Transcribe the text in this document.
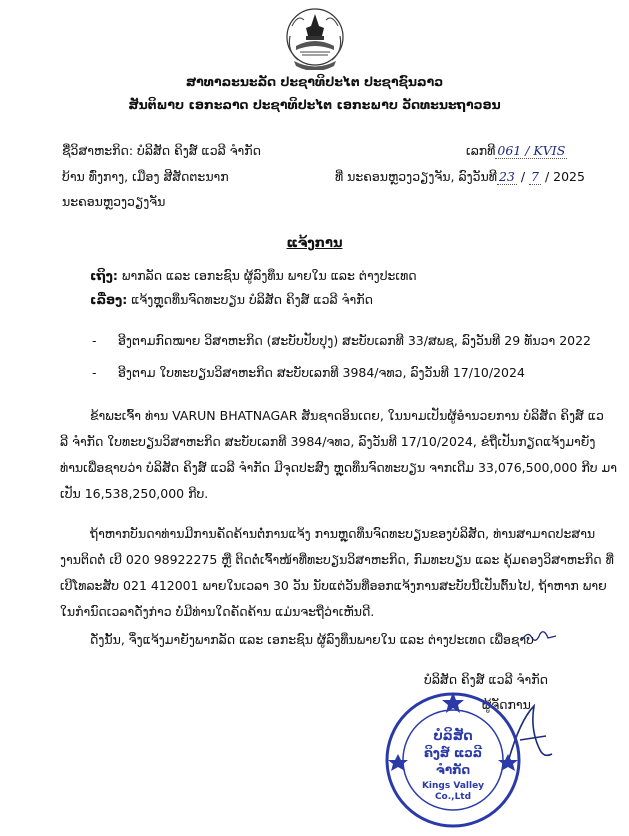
ສາທາລະນະລັດ ປະຊາທິປະໄຕ ປະຊາຊົນລາວ
ສັນຕິພາບ ເອກະລາດ ປະຊາທິປະໄຕ ເອກະພາບ ວັດທະນະຖາວອນ
ຊື່ວິສາຫະກິດ: ບໍລິສັດ ຄິງສ໌ ແວລີ ຈຳກັດ
ບ້ານ ທົ່ງກາງ, ເມືອງ ສີສັດຕະນາກ
ນະຄອນຫຼວງວຽງຈັນ
ເລກທີ 061 / KVIS
ທີ່ ນະຄອນຫຼວງວຽງຈັນ, ລົງວັນທີ 23 / 7 / 2025
ແຈ້ງການ
ເຖິງ: ພາກລັດ ແລະ ເອກະຊົນ ຜູ້ລົງທຶນ ພາຍໃນ ແລະ ຕ່າງປະເທດ
ເລື່ອງ: ແຈ້ງຫຼຸດທຶນຈົດທະບຽນ ບໍລິສັດ ຄິງສ໌ ແວລີ ຈຳກັດ
- ອີງຕາມກົດໝາຍ ວິສາຫະກິດ (ສະບັບປັບປຸງ) ສະບັບເລກທີ 33/ສພຊ, ລົງວັນທີ 29 ທັນວາ 2022
- ອີງຕາມ ໃບທະບຽນວິສາຫະກິດ ສະບັບເລກທີ 3984/ຈທວ, ລົງວັນທີ 17/10/2024
ຂ້າພະເຈົ້າ ທ່ານ VARUN BHATNAGAR ສັນຊາດອິນເດຍ, ໃນນາມເປັນຜູ້ອຳນວຍການ ບໍລິສັດ ຄິງສ໌ ແວ
ລີ ຈຳກັດ ໃບທະບຽນວິສາຫະກິດ ສະບັບເລກທີ 3984/ຈທວ, ລົງວັນທີ 17/10/2024, ຂໍຖືເປັນກຽດແຈ້ງມາຍັງ
ທ່ານເພື່ອຊາບວ່າ ບໍລິສັດ ຄິງສ໌ ແວລີ ຈຳກັດ ມີຈຸດປະສົງ ຫຼຸດທຶນຈົດທະບຽນ ຈາກເດີມ 33,076,500,000 ກີບ ມາ
ເປັນ 16,538,250,000 ກີບ.
ຖ້າຫາກບັນດາທ່ານມີການຄັດຄ້ານຕໍ່ການແຈ້ງ ການຫຼຸດທຶນຈົດທະບຽນຂອງບໍລິສັດ, ທ່ານສາມາດປະສານ
ງານຕິດຕໍ່ ເບີ 020 98922275 ຫຼື ຕິດຕໍ່ເຈົ້າໜ້າທີ່ທະບຽນວິສາຫະກິດ, ກົມທະບຽນ ແລະ ຄຸ້ມຄອງວິສາຫະກິດ ທີ່
ເບີໂທລະສັບ 021 412001 ພາຍໃນເວລາ 30 ວັນ ນັບແຕ່ວັນທີ່ອອກແຈ້ງການສະບັບນີ້ເປັນຕົ້ນໄປ, ຖ້າຫາກ ພາຍ
ໃນກຳນົດເວລາດັ່ງກ່າວ ບໍ່ມີທ່ານໃດຄັດຄ້ານ ແມ່ນຈະຖືວ່າເຫັນດີ.
ດັ່ງນັ້ນ, ຈຶ່ງແຈ້ງມາຍັງພາກລັດ ແລະ ເອກະຊົນ ຜູ້ລົງທຶນພາຍໃນ ແລະ ຕ່າງປະເທດ ເພື່ອຊາບ
ບໍລິສັດ ຄິງສ໌ ແວລີ ຈຳກັດ
ຜູ້ຈັດການ
ບໍລິສັດ
ຄິງສ໌ ແວລີ
ຈຳກັດ
Kings Valley
Co.,Ltd
